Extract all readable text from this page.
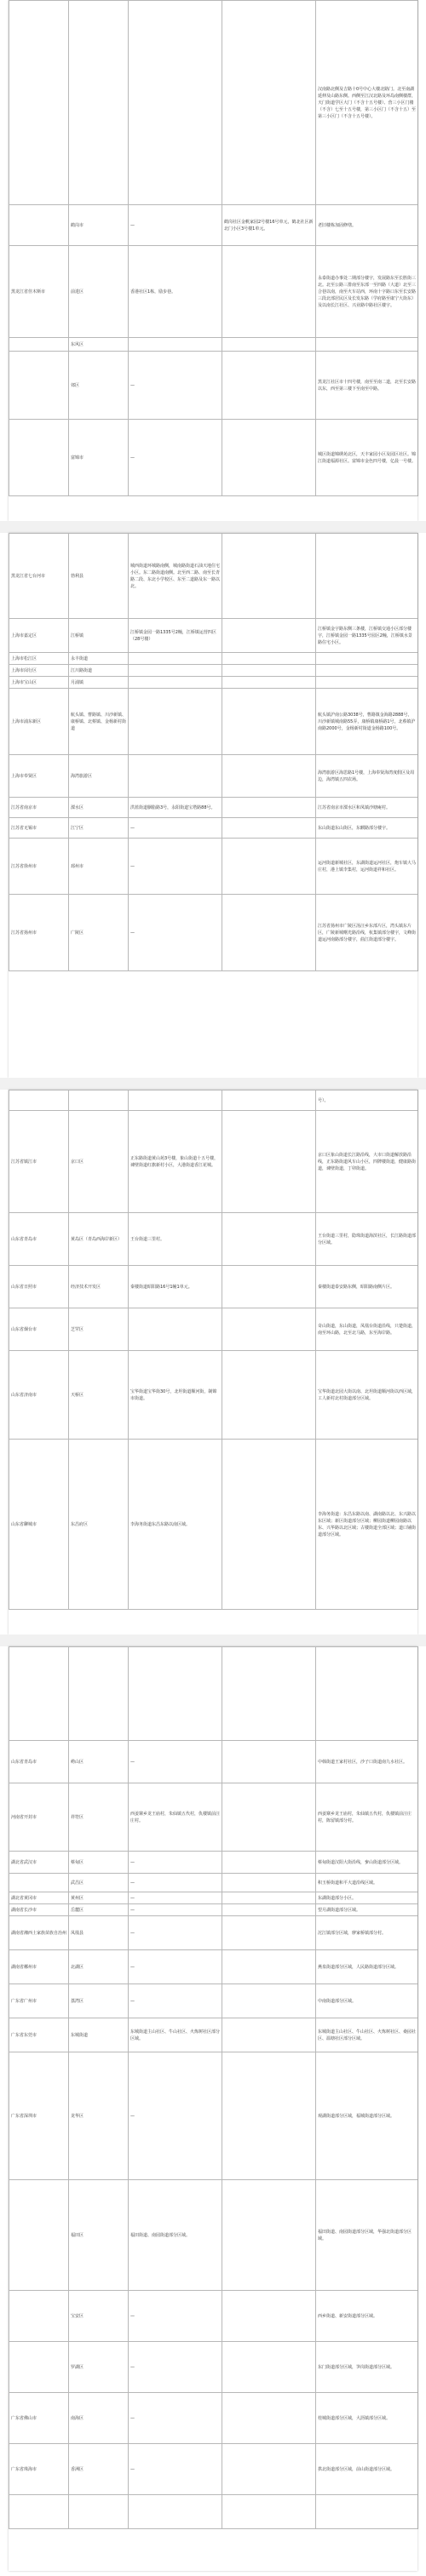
				汉南路北侧及吉路十0号中心大楼北路门。北至南湖延伸及山路东侧。西侧至江汉北路及环岛南侧楼群，天门街道学区大门（不含十五号楼）、营三小区门楼（不含）七至十五号楼，第三小区门（不含十五）至第三小区门（不含十五号楼）。
	鹤岗市	—	鹤岗社区金帆家园2号楼16号单元，鹤北社区新北门小区3号楼1单元。	老旧楼栋加固修缮。
黑龙江省佳木斯市	前进区	香港社区1栋，励步巷。		永泰街道办事处二期部分楼宇，发展路东至长胜街三北。北至公路三排南至东部一至四路（大道）北至三合巷以南，南至火车站西，环南十字路口东至长安路三段北部居民区及长发东路（学府路至康宁大街东）及以南长江社区、兴业路中路社区楼宇。
	东风区			
	郊区	—		黑龙江社区市十四号楼，南至至南二道，北至长安路以东，西至第三楼下至南至中路。
	富锦市	—		城区街道锦绣苑北区，天丰家园小区及园区社区。锦江街道福源社区。富锦市金色四号楼，亿晨一号楼。
黑龙江省七台河市	勃利县	城西街道环城路南侧，城南路街道石油天地住宅小区。东二路街道南侧。北至西二路、南至长青路二段、东北小学校区、东至二道路及东一路以北。		
上海市嘉定区	江桥镇	江桥镇金园一路1335号2幢，江桥镇运营四区（28号楼）		江桥镇金宇路东侧三条楼，江桥镇交通小区部分楼宇，江桥镇金园一路1335号园区2幢，江桥镇水景路住宅小区。
上海市松江区	永丰街道			
上海市闵行区	江川路街道			
上海市宝山区	月浦镇			
上海市浦东新区	航头镇、曹路镇、川沙新镇、康桥镇、北蔡镇、金杨新村街道			航头镇沪南公路3038号，曹路镇金海路2888号，川沙新镇城南路55弄，康桥镇康桥路1号，北蔡镇沪南路2000号，金杨新村街道金杨路100号。
上海市奉贤区	海湾旅游区			海湾旅游区海思路1号楼，上海奉贤海湾度假区及周边，海湾镇五四农场。
江苏省南京市	溧水区	洪蓝街道胭脂路3号，永阳街道宝塔路88号。		江苏省南京市溧水区和凤镇沙塘庵村。
江苏省无锡市	江宁区	—		东山街道东山街区，东麒路部分楼宇。
江苏省徐州市	邳州市	—		运河街道新城社区，东湖街道运河社区，炮车镇大马庄村，港上镇李集村，运河街道祥和社区。
江苏省扬州市	广陵区	—		江苏省扬州市广陵区汤汪乡东部片区，湾头镇东片区，广陵新城曙光路沿线，杭集镇部分楼宇，文峰街道运河南路部分楼宇，曲江街道部分楼宇。
				号）。
江苏省镇江市	京口区	正东路街道黄山苑3号楼，象山街道十五号楼，谏壁街道红旗新村小区，大港街道香江花城。		京口区象山街道长江路沿线，大市口街道解放路沿线，正东路街道风车山小区，四牌楼街道，健康路街道，谏壁街道，丁卯街道。
山东省青岛市	黄岛区（青岛西海岸新区）	王台街道三里村。		王台街道三里村，隐珠街道海滨社区，长江路街道部分区域。
山东省日照市	经济技术开发区	秦楼街道昭阳路16号1幢1单元。		秦楼街道泰安路东侧，昭阳路南侧片区。
山东省烟台市	芝罘区			奇山街道，东山街道，凤凰台街道沿线，只楚街道，南至环山路，北至北马路，东至海岸路。
山东省济南市	天桥区	宝华街道宝华街30号，北坦街道顺河街，制锦市街道。		宝华街道北园大街以南、北坦街道顺河街以西区域，工人新村北村街道部分区域。
山东省聊城市	东昌府区	李海务街道东昌东路以南区域。		李海务街道：东昌东路以南、湖南路以北、东兴路以东区域；新区街道部分区域；柳园街道柳园南路以东、兴华路以北区域；古楼街道全部区域；道口铺街道部分区域。

山东省青岛市	崂山区	—		中韩街道王家村社区，沙子口街道南九水社区。
河南省开封市	祥符区	西姜寨乡龙王庙村，朱仙镇五代村，仇楼镇前汪庄村。		西姜寨乡龙王庙村，朱仙镇五代村，仇楼镇前汪庄村，陈留镇部分村。
湖北省武汉市	蔡甸区	—		蔡甸街道汉阳大街沿线，奓山街道部分区域。
	武昌区	—		积玉桥街道和平大道沿线区域。
湖北省黄冈市	黄州区	—		东湖街道部分小区。
湖南省长沙市	岳麓区	—		望月湖街道部分区域。
湖南省湘西土家族苗族自治州	凤凰县	—		沱江镇部分区域，廖家桥镇部分村。
湖南省郴州市	北湖区	—		燕泉街道部分区域，人民路街道部分区域。
广东省广州市	荔湾区	—		中南街道部分区域。
广东省东莞市	东城街道	东城街道主山社区、牛山社区、火炼树社区部分区域。		东城街道主山社区、牛山社区、火炼树社区、桑园社区、温塘社区部分区域。
广东省深圳市	龙华区	—		观湖街道部分区域，福城街道部分区域。
	福田区	福田街道、南园街道部分区域。		福田街道、南园街道部分区域，华强北街道部分区域。
	宝安区	—		西乡街道、新安街道部分区域。
	罗湖区	—		东门街道部分区域，笋岗街道部分区域。
广东省佛山市	南海区	—		桂城街道部分区域，大沥镇部分区域。
广东省珠海市	香洲区	—		拱北街道部分区域，前山街道部分区域。
